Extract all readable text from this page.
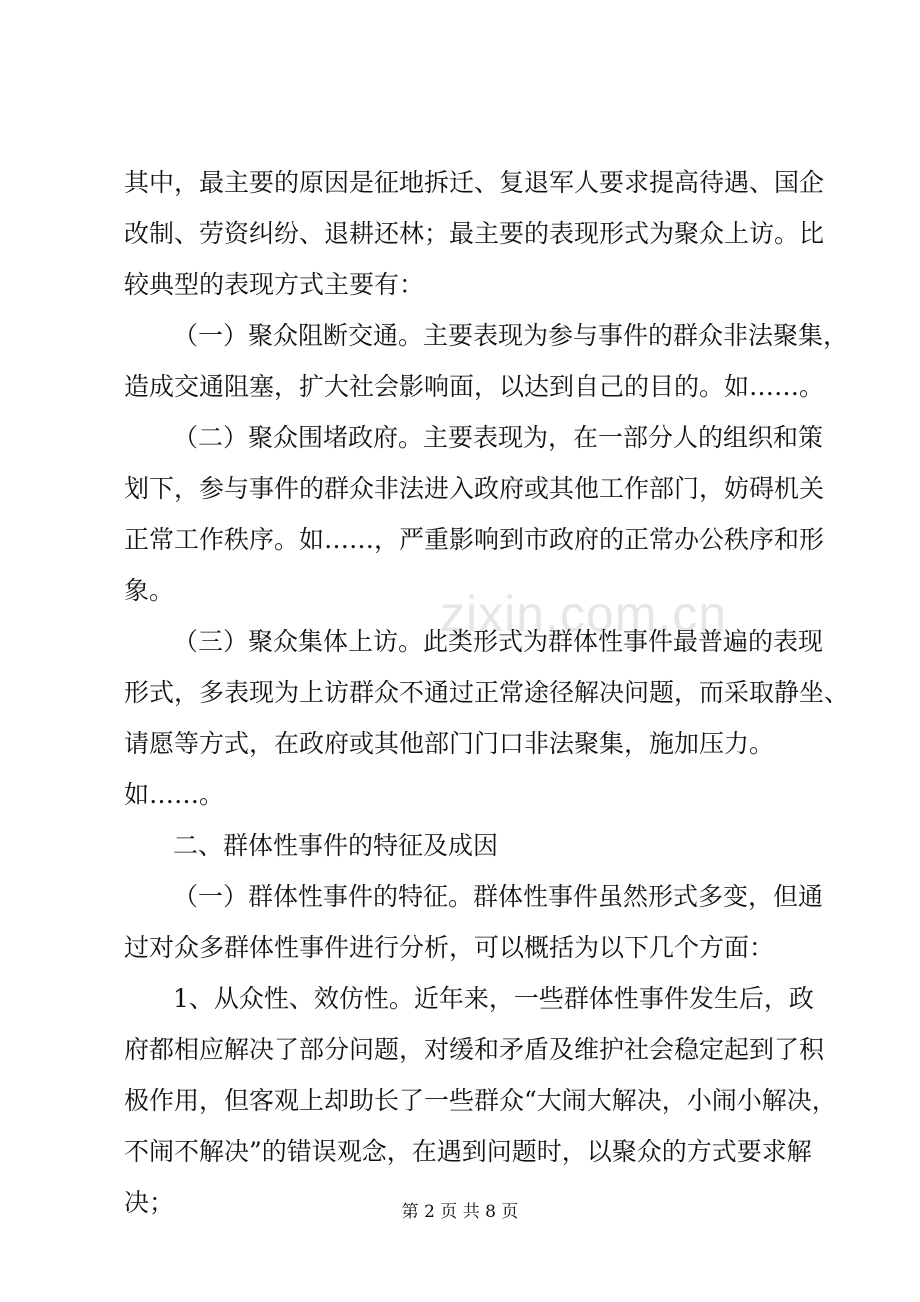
zixin.com.cn
其中，最主要的原因是征地拆迁、复退军人要求提高待遇、国企
改制、劳资纠纷、退耕还林；最主要的表现形式为聚众上访。比
较典型的表现方式主要有：
（一）聚众阻断交通。主要表现为参与事件的群众非法聚集，
造成交通阻塞，扩大社会影响面，以达到自己的目的。如……。
（二）聚众围堵政府。主要表现为，在一部分人的组织和策
划下，参与事件的群众非法进入政府或其他工作部门，妨碍机关
正常工作秩序。如……，严重影响到市政府的正常办公秩序和形
象。
（三）聚众集体上访。此类形式为群体性事件最普遍的表现
形式，多表现为上访群众不通过正常途径解决问题，而采取静坐、
请愿等方式，在政府或其他部门门口非法聚集，施加压力。
如……。
二、群体性事件的特征及成因
（一）群体性事件的特征。群体性事件虽然形式多变，但通
过对众多群体性事件进行分析，可以概括为以下几个方面：
1、从众性、效仿性。近年来，一些群体性事件发生后，政
府都相应解决了部分问题，对缓和矛盾及维护社会稳定起到了积
极作用，但客观上却助长了一些群众“大闹大解决，小闹小解决，
不闹不解决”的错误观念，在遇到问题时，以聚众的方式要求解
决；	第 2 页 共 8 页
